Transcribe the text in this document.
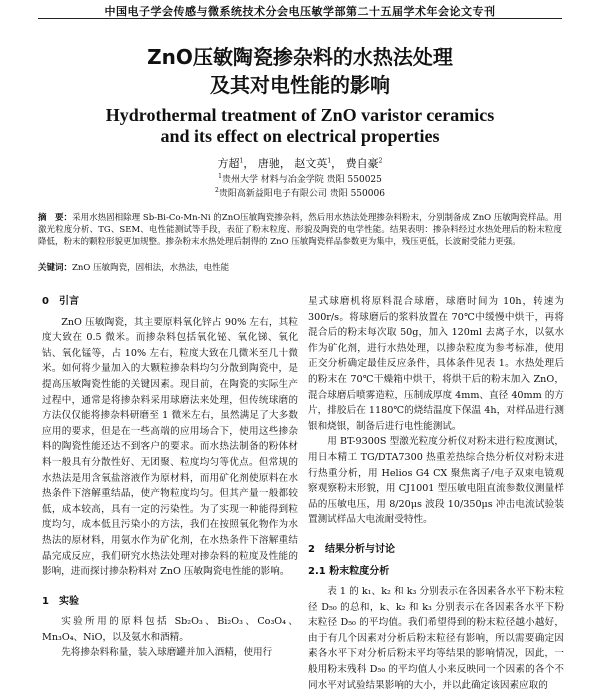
中国电子学会传感与微系统技术分会电压敏学部第二十五届学术年会论文专刊
ZnO压敏陶瓷掺杂料的水热法处理
及其对电性能的影响
Hydrothermal treatment of ZnO varistor ceramics
and its effect on electrical properties
方超$^1$， 唐驰， 赵文英$^1$， 费自豪$^2$
$^1$贵州大学 材料与冶金学院 贵阳 550025
$^2$贵阳高新益阳电子有限公司 贵阳 550006
摘　要：采用水热固相除理 Sb-Bi-Co-Mn-Ni 的ZnO压敏陶瓷掺杂料，然后用水热法处理掺杂料粉末，分别制备成 ZnO 压敏陶瓷样品。用激光粒度分析、TG、SEM、电性能测试等手段，表征了粉末粒度、形貌及陶瓷的电学性能。结果表明：掺杂料经过水热处理后的粉末粒度降低，粉末的颗粒形貌更加规整。掺杂粉末水热处理后制得的 ZnO 压敏陶瓷样品参数更为集中，残压更低，长波耐受能力更强。
关键词：ZnO 压敏陶瓷，固相法，水热法，电性能

0　引言

ZnO 压敏陶瓷，其主要原料氧化锌占 90% 左右，其粒度大致在 0.5 微米。而掺杂料包括氧化铋、氧化锑、氧化钴、氧化锰等，占 10% 左右，粒度大致在几微米至几十微米。如何将少量加入的大颗粒掺杂料均匀分散到陶瓷中，是提高压敏陶瓷性能的关键因素。现目前，在陶瓷的实际生产过程中，通常是将掺杂料采用球磨法来处理，但传统球磨的方法仅仅能将掺杂料研磨至 1 微米左右，虽然满足了大多数应用的要求，但是在一些高端的应用场合下，使用这些掺杂料的陶瓷性能还达不到客户的要求。而水热法制备的粉体材料一般具有分散性好、无团聚、粒度均匀等优点。但常规的水热法是用含氧盐溶液作为原材料，而用矿化剂使原料在水热条件下溶解重结晶，使产物粒度均匀。但其产量一般都较低，成本较高，具有一定的污染性。为了实现一种能得到粒度均匀，成本低且污染小的方法，我们在按照氧化物作为水热法的原材料，用氨水作为矿化剂，在水热条件下溶解重结晶完成反应，我们研究水热法处理对掺杂料的粒度及性能的影响，进而探讨掺杂粉料对 ZnO 压敏陶瓷电性能的影响。

1　实验

实验所用的原料包括 Sb₂O₃、Bi₂O₃、Co₃O₄、Mn₃O₄、NiO，以及氨水和酒精。

先将掺杂料称量，装入球磨罐并加入酒精，使用行

星式球磨机将原料混合球磨，球磨时间为 10h，转速为 300r/s。将球磨后的浆料放置在 70℃中缓慢中烘干，再将混合后的粉末每次取 50g，加入 120ml 去离子水，以氨水作为矿化剂，进行水热处理，以掺杂粒度为参考标准，使用正交分析确定最佳反应条件，具体条件见表 1。水热处理后的粉末在 70℃干燥箱中烘干，将烘干后的粉末加入 ZnO，混合球磨后喷雾造粒，压制成厚度 4mm、直径 40mm 的方片，排胶后在 1180℃的烧结温度下保温 4h，对样品进行测银和烧银，制备后进行电性能测试。

用 BT-9300S 型激光粒度分析仪对粉末进行粒度测试，用日本精工 TG/DTA7300 热重差热综合热分析仪对粉末进行热重分析，用 Helios G4 CX 聚焦离子/电子双束电镜观察观察粉末形貌，用 CJ1001 型压敏电阻直流参数仪测量样品的压敏电压，用 8/20μs 波段 10/350μs 冲击电流试验装置测试样品大电流耐受特性。

2　结果分析与讨论

2.1 粉末粒度分析

表 1 的 k₁、k₂ 和 k₃ 分别表示在各因素各水平下粉末粒径 D₅₀ 的总和，k、k₂ 和 k₃ 分别表示在各因素各水平下粉末粒径 D₅₀ 的平均值。我们希望得到的粉末粒径越小越好，由于有几个因素对分析后粉末粒径有影响，所以需要确定因素各水平下对分析后粉末平均等结果的影响情况，因此，一般用粉末残科 D₅₀ 的平均值人小来反映同一个因素的各个不同水平对试验结果影响的大小，并以此确定该因素应取的
